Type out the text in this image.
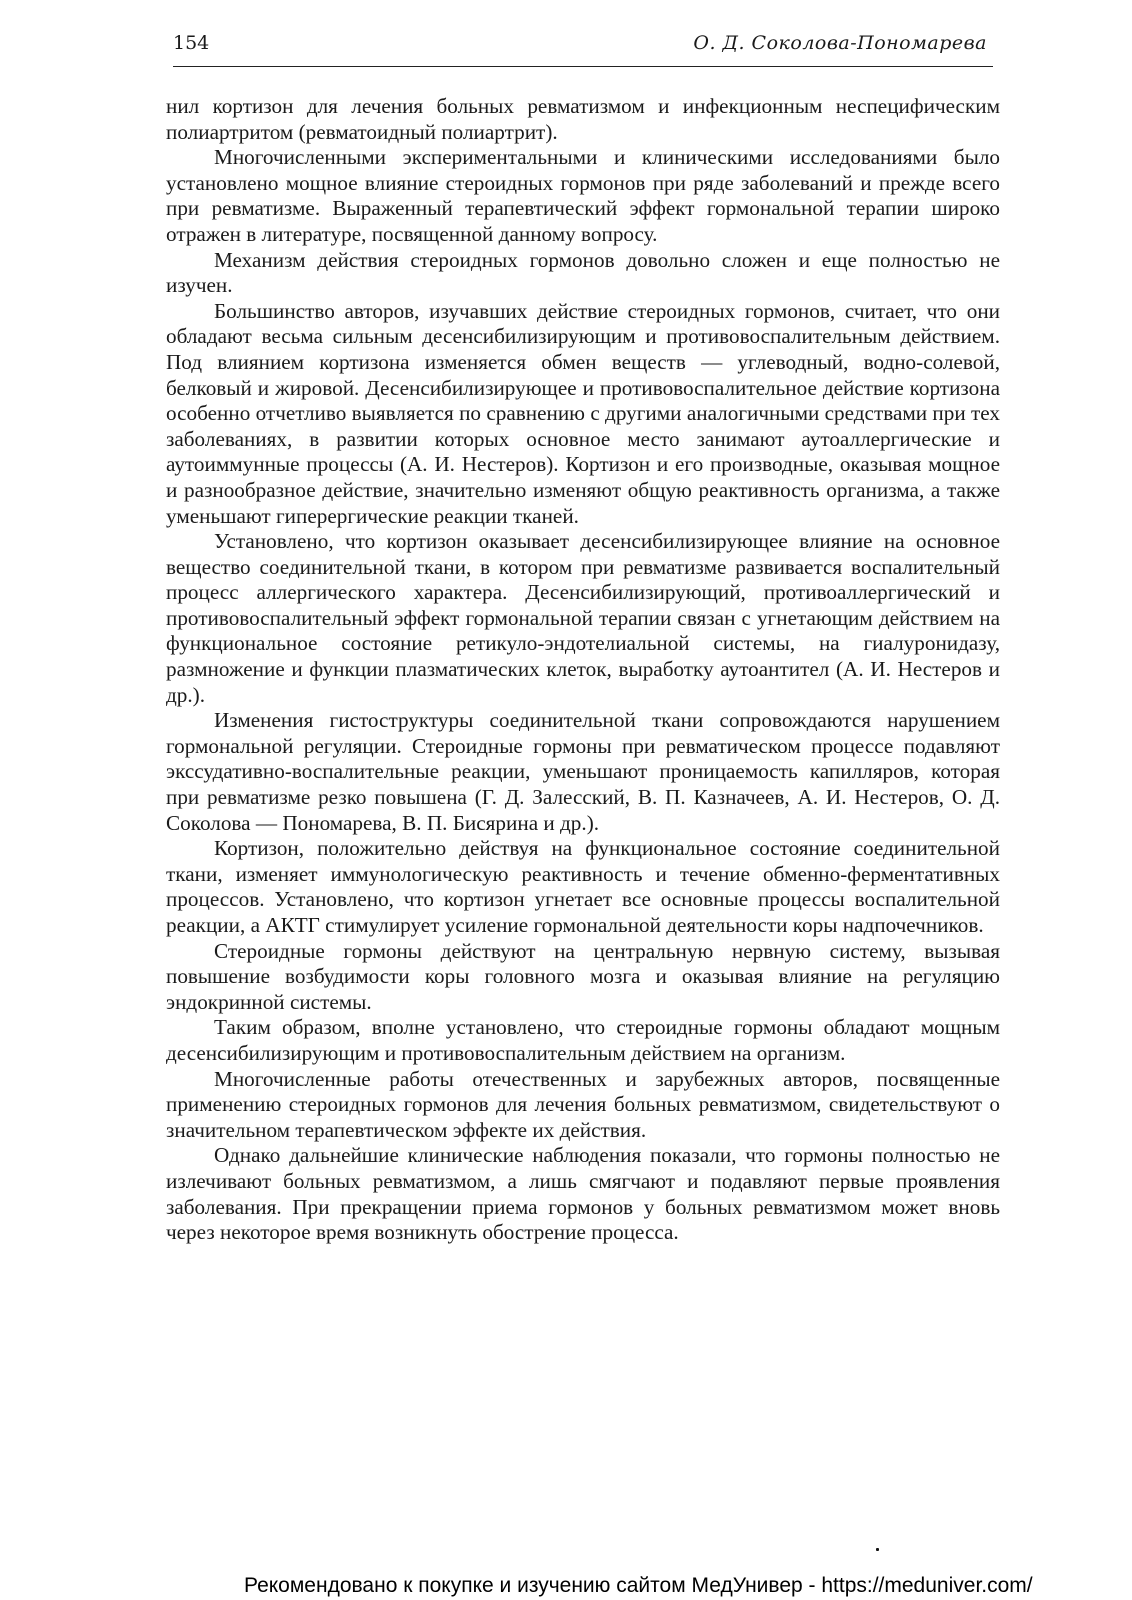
154	О. Д. Соколова-Пономарева

нил кортизон для лечения больных ревматизмом и инфекционным неспецифическим полиартритом (ревматоидный полиартрит).

Многочисленными экспериментальными и клиническими исследованиями было установлено мощное влияние стероидных гормонов при ряде заболеваний и прежде всего при ревматизме. Выраженный терапевтический эффект гормональной терапии широко отражен в литературе, посвященной данному вопросу.

Механизм действия стероидных гормонов довольно сложен и еще полностью не изучен.

Большинство авторов, изучавших действие стероидных гормонов, считает, что они обладают весьма сильным десенсибилизирующим и противовоспалительным действием. Под влиянием кортизона изменяется обмен веществ — углеводный, водно-солевой, белковый и жировой. Десенсибилизирующее и противовоспалительное действие кортизона особенно отчетливо выявляется по сравнению с другими аналогичными средствами при тех заболеваниях, в развитии которых основное место занимают аутоаллергические и аутоиммунные процессы (А. И. Нестеров). Кортизон и его производные, оказывая мощное и разнообразное действие, значительно изменяют общую реактивность организма, а также уменьшают гиперергические реакции тканей.

Установлено, что кортизон оказывает десенсибилизирующее влияние на основное вещество соединительной ткани, в котором при ревматизме развивается воспалительный процесс аллергического характера. Десенсибилизирующий, противоаллергический и противовоспалительный эффект гормональной терапии связан с угнетающим действием на функциональное состояние ретикуло-эндотелиальной системы, на гиалуронидазу, размножение и функции плазматических клеток, выработку аутоантител (А. И. Нестеров и др.).

Изменения гистоструктуры соединительной ткани сопровождаются нарушением гормональной регуляции. Стероидные гормоны при ревматическом процессе подавляют экссудативно-воспалительные реакции, уменьшают проницаемость капилляров, которая при ревматизме резко повышена (Г. Д. Залесский, В. П. Казначеев, А. И. Нестеров, О. Д. Соколова — Пономарева, В. П. Бисярина и др.).

Кортизон, положительно действуя на функциональное состояние соединительной ткани, изменяет иммунологическую реактивность и течение обменно-ферментативных процессов. Установлено, что кортизон угнетает все основные процессы воспалительной реакции, а АКТГ стимулирует усиление гормональной деятельности коры надпочечников.

Стероидные гормоны действуют на центральную нервную систему, вызывая повышение возбудимости коры головного мозга и оказывая влияние на регуляцию эндокринной системы.

Таким образом, вполне установлено, что стероидные гормоны обладают мощным десенсибилизирующим и противовоспалительным действием на организм.

Многочисленные работы отечественных и зарубежных авторов, посвященные применению стероидных гормонов для лечения больных ревматизмом, свидетельствуют о значительном терапевтическом эффекте их действия.

Однако дальнейшие клинические наблюдения показали, что гормоны полностью не излечивают больных ревматизмом, а лишь смягчают и подавляют первые проявления заболевания. При прекращении приема гормонов у больных ревматизмом может вновь через некоторое время возникнуть обострение процесса.

Рекомендовано к покупке и изучению сайтом МедУнивер - https://meduniver.com/
